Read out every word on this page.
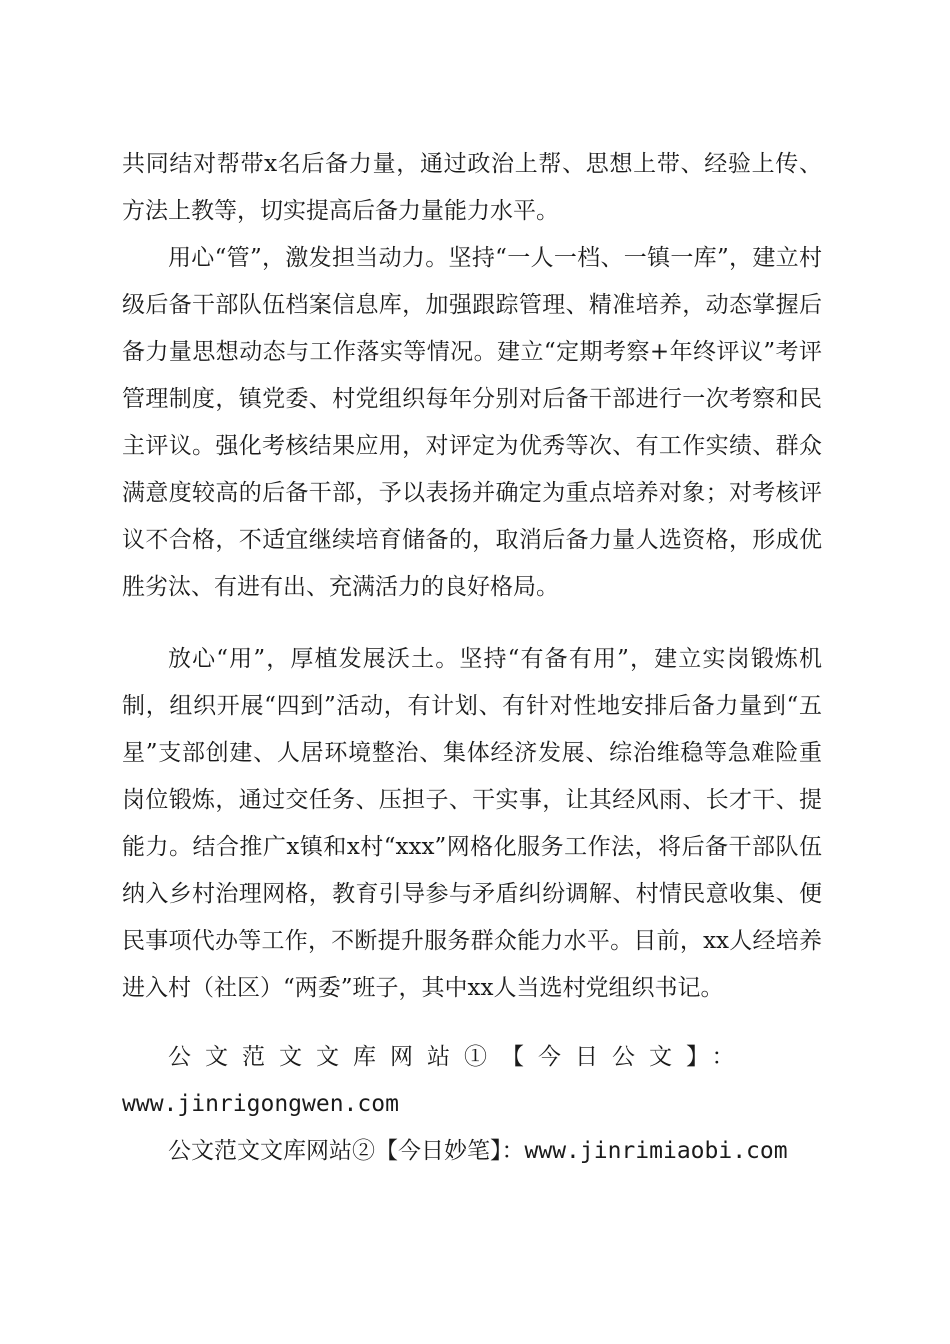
共同结对帮带x名后备力量，通过政治上帮、思想上带、经验上传、方法上教等，切实提高后备力量能力水平。

用心“管”，激发担当动力。坚持“一人一档、一镇一库”，建立村级后备干部队伍档案信息库，加强跟踪管理、精准培养，动态掌握后备力量思想动态与工作落实等情况。建立“定期考察+年终评议”考评管理制度，镇党委、村党组织每年分别对后备干部进行一次考察和民主评议。强化考核结果应用，对评定为优秀等次、有工作实绩、群众满意度较高的后备干部，予以表扬并确定为重点培养对象；对考核评议不合格，不适宜继续培育储备的，取消后备力量人选资格，形成优胜劣汰、有进有出、充满活力的良好格局。

放心“用”，厚植发展沃土。坚持“有备有用”，建立实岗锻炼机制，组织开展“四到”活动，有计划、有针对性地安排后备力量到“五星”支部创建、人居环境整治、集体经济发展、综治维稳等急难险重岗位锻炼，通过交任务、压担子、干实事，让其经风雨、长才干、提能力。结合推广x镇和x村“xxx”网格化服务工作法，将后备干部队伍纳入乡村治理网格，教育引导参与矛盾纠纷调解、村情民意收集、便民事项代办等工作，不断提升服务群众能力水平。目前，xx人经培养进入村（社区）“两委”班子，其中xx人当选村党组织书记。

公文范文文库网站①【今日公文】：

www.jinrigongwen.com

公文范文文库网站②【今日妙笔】：www.jinrimiaobi.com
